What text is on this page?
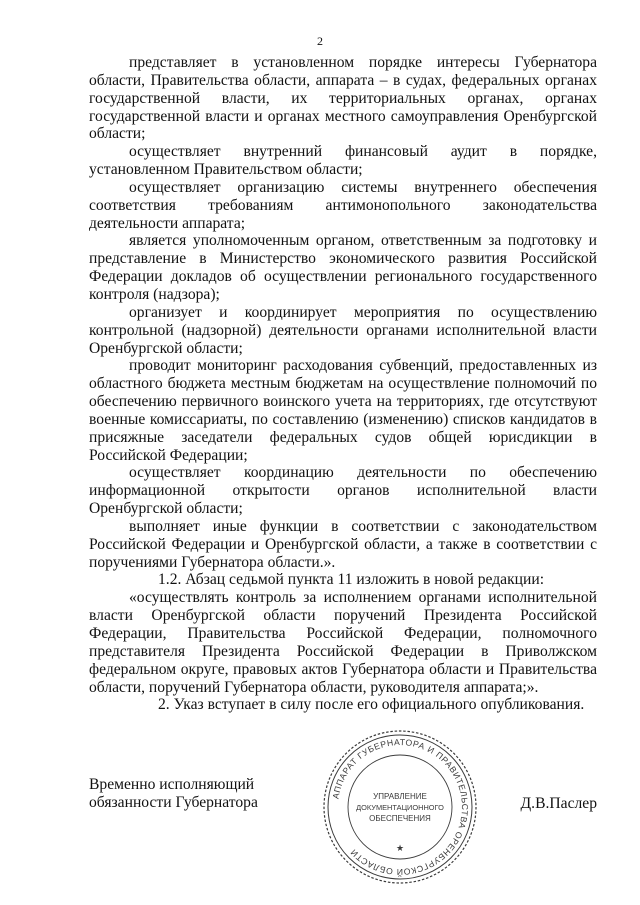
2

представляет в установленном порядке интересы Губернатора области, Правительства области, аппарата – в судах, федеральных органах государственной власти, их территориальных органах, органах государственной власти и органах местного самоуправления Оренбургской области;

осуществляет внутренний финансовый аудит в порядке, установленном Правительством области;

осуществляет организацию системы внутреннего обеспечения соответствия требованиям антимонопольного законодательства деятельности аппарата;

является уполномоченным органом, ответственным за подготовку и представление в Министерство экономического развития Российской Федерации докладов об осуществлении регионального государственного контроля (надзора);

организует и координирует мероприятия по осуществлению контрольной (надзорной) деятельности органами исполнительной власти Оренбургской области;

проводит мониторинг расходования субвенций, предоставленных из областного бюджета местным бюджетам на осуществление полномочий по обеспечению первичного воинского учета на территориях, где отсутствуют военные комиссариаты, по составлению (изменению) списков кандидатов в присяжные заседатели федеральных судов общей юрисдикции в Российской Федерации;

осуществляет координацию деятельности по обеспечению информационной открытости органов исполнительной власти Оренбургской области;

выполняет иные функции в соответствии с законодательством Российской Федерации и Оренбургской области, а также в соответствии с поручениями Губернатора области.».

1.2. Абзац седьмой пункта 11 изложить в новой редакции:

«осуществлять контроль за исполнением органами исполнительной власти Оренбургской области поручений Президента Российской Федерации, Правительства Российской Федерации, полномочного представителя Президента Российской Федерации в Приволжском федеральном округе, правовых актов Губернатора области и Правительства области, поручений Губернатора области, руководителя аппарата;».

2. Указ вступает в силу после его официального опубликования.

Временно исполняющий
обязанности Губернатора	АППАРАТ ГУБЕРНАТОРА И ПРАВИТЕЛЬСТВА ОРЕНБУРГСКОЙ ОБЛАСТИ
УПРАВЛЕНИЕ
ДОКУМЕНТАЦИОННОГО
ОБЕСПЕЧЕНИЯ
★
Д.В.Паслер
